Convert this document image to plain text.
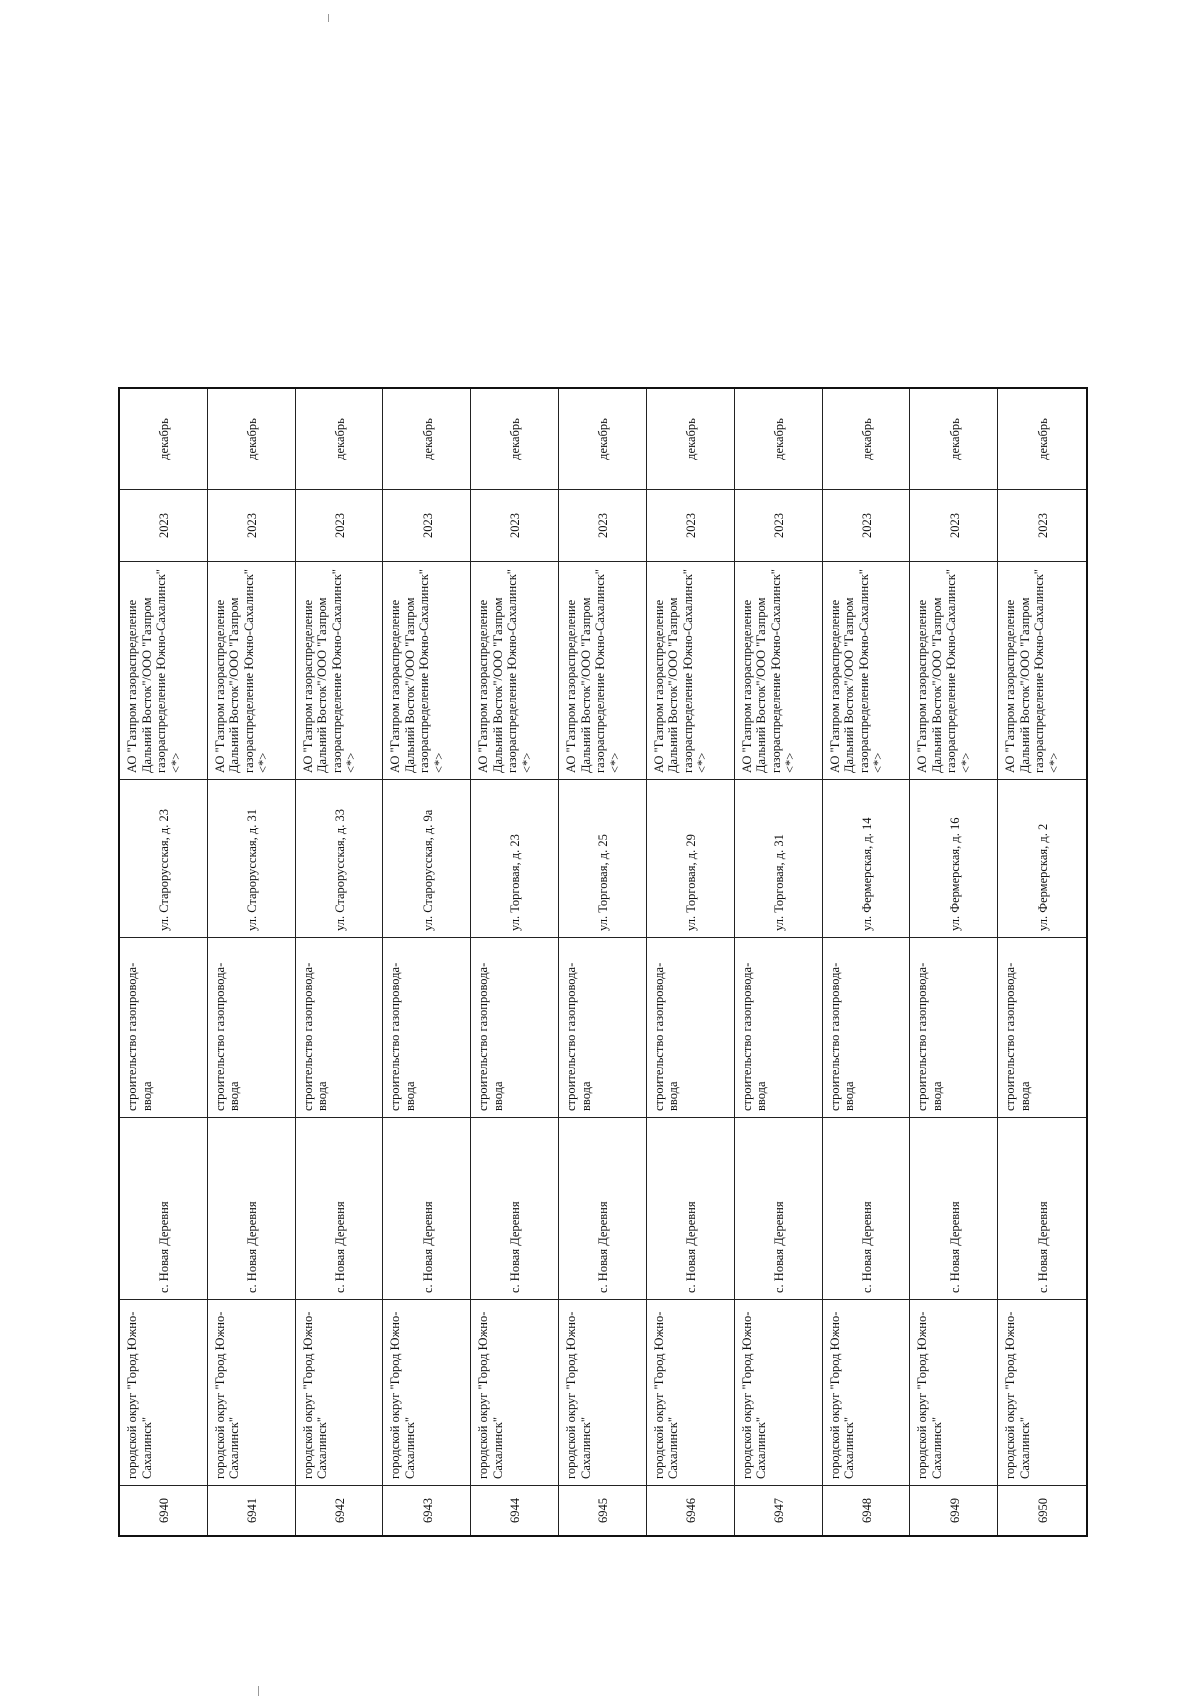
6940
городской округ "Город Южно-Сахалинск"
с. Новая Деревня
строительство газопровода-ввода
ул. Старорусская, д. 23
АО "Газпром газораспределение Дальний Восток"/ООО "Газпром газораспределение Южно-Сахалинск" <*>
2023
декабрь
6941
городской округ "Город Южно-Сахалинск"
с. Новая Деревня
строительство газопровода-ввода
ул. Старорусская, д. 31
АО "Газпром газораспределение Дальний Восток"/ООО "Газпром газораспределение Южно-Сахалинск" <*>
2023
декабрь
6942
городской округ "Город Южно-Сахалинск"
с. Новая Деревня
строительство газопровода-ввода
ул. Старорусская, д. 33
АО "Газпром газораспределение Дальний Восток"/ООО "Газпром газораспределение Южно-Сахалинск" <*>
2023
декабрь
6943
городской округ "Город Южно-Сахалинск"
с. Новая Деревня
строительство газопровода-ввода
ул. Старорусская, д. 9а
АО "Газпром газораспределение Дальний Восток"/ООО "Газпром газораспределение Южно-Сахалинск" <*>
2023
декабрь
6944
городской округ "Город Южно-Сахалинск"
с. Новая Деревня
строительство газопровода-ввода
ул. Торговая, д. 23
АО "Газпром газораспределение Дальний Восток"/ООО "Газпром газораспределение Южно-Сахалинск" <*>
2023
декабрь
6945
городской округ "Город Южно-Сахалинск"
с. Новая Деревня
строительство газопровода-ввода
ул. Торговая, д. 25
АО "Газпром газораспределение Дальний Восток"/ООО "Газпром газораспределение Южно-Сахалинск" <*>
2023
декабрь
6946
городской округ "Город Южно-Сахалинск"
с. Новая Деревня
строительство газопровода-ввода
ул. Торговая, д. 29
АО "Газпром газораспределение Дальний Восток"/ООО "Газпром газораспределение Южно-Сахалинск" <*>
2023
декабрь
6947
городской округ "Город Южно-Сахалинск"
с. Новая Деревня
строительство газопровода-ввода
ул. Торговая, д. 31
АО "Газпром газораспределение Дальний Восток"/ООО "Газпром газораспределение Южно-Сахалинск" <*>
2023
декабрь
6948
городской округ "Город Южно-Сахалинск"
с. Новая Деревня
строительство газопровода-ввода
ул. Фермерская, д. 14
АО "Газпром газораспределение Дальний Восток"/ООО "Газпром газораспределение Южно-Сахалинск" <*>
2023
декабрь
6949
городской округ "Город Южно-Сахалинск"
с. Новая Деревня
строительство газопровода-ввода
ул. Фермерская, д. 16
АО "Газпром газораспределение Дальний Восток"/ООО "Газпром газораспределение Южно-Сахалинск" <*>
2023
декабрь
6950
городской округ "Город Южно-Сахалинск"
с. Новая Деревня
строительство газопровода-ввода
ул. Фермерская, д. 2
АО "Газпром газораспределение Дальний Восток"/ООО "Газпром газораспределение Южно-Сахалинск" <*>
2023
декабрь
